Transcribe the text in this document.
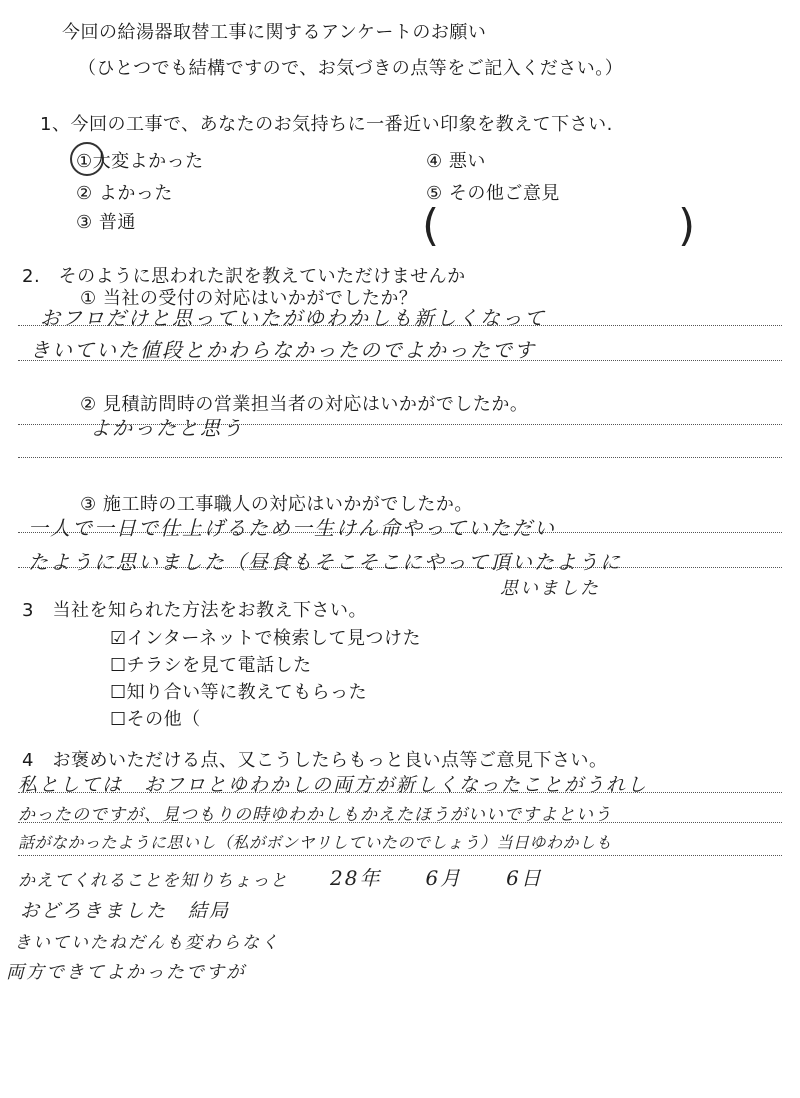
今回の給湯器取替工事に関するアンケートのお願い
（ひとつでも結構ですので、お気づきの点等をご記入ください。）
1、今回の工事で、あなたのお気持ちに一番近い印象を教えて下さい.
①大変よかった
② よかった
③ 普通
④ 悪い
⑤ その他ご意見
(	)
2.　そのように思われた訳を教えていただけませんか
① 当社の受付の対応はいかがでしたか？
おフロだけと思っていたがゆわかしも新しくなって
きいていた値段とかわらなかったのでよかったです
② 見積訪問時の営業担当者の対応はいかがでしたか。
よかったと思う
③ 施工時の工事職人の対応はいかがでしたか。
一人で一日で仕上げるため一生けん命やっていただい
たように思いました（昼食もそこそこにやって頂いたように
思いました
3　当社を知られた方法をお教え下さい。
☑インターネットで検索して見つけた
☐チラシを見て電話した
☐知り合い等に教えてもらった
☐その他（
4　お褒めいただける点、又こうしたらもっと良い点等ご意見下さい。
私としては　おフロとゆわかしの両方が新しくなったことがうれし
かったのですが、見つもりの時ゆわかしもかえたほうがいいですよという
話がなかったように思いし（私がボンヤリしていたのでしょう）当日ゆわかしも
かえてくれることを知りちょっと 28年　　6月　　6日
おどろきました　結局
きいていたねだんも変わらなく
両方できてよかったですが
